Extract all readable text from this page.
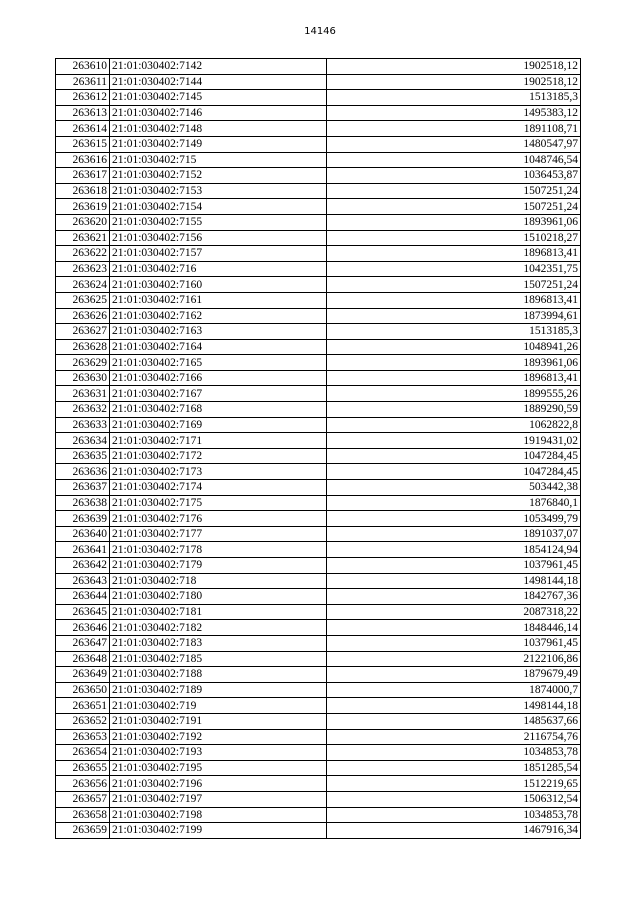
14146
263610	21:01:030402:7142	1902518,12
263611	21:01:030402:7144	1902518,12
263612	21:01:030402:7145	1513185,3
263613	21:01:030402:7146	1495383,12
263614	21:01:030402:7148	1891108,71
263615	21:01:030402:7149	1480547,97
263616	21:01:030402:715	1048746,54
263617	21:01:030402:7152	1036453,87
263618	21:01:030402:7153	1507251,24
263619	21:01:030402:7154	1507251,24
263620	21:01:030402:7155	1893961,06
263621	21:01:030402:7156	1510218,27
263622	21:01:030402:7157	1896813,41
263623	21:01:030402:716	1042351,75
263624	21:01:030402:7160	1507251,24
263625	21:01:030402:7161	1896813,41
263626	21:01:030402:7162	1873994,61
263627	21:01:030402:7163	1513185,3
263628	21:01:030402:7164	1048941,26
263629	21:01:030402:7165	1893961,06
263630	21:01:030402:7166	1896813,41
263631	21:01:030402:7167	1899555,26
263632	21:01:030402:7168	1889290,59
263633	21:01:030402:7169	1062822,8
263634	21:01:030402:7171	1919431,02
263635	21:01:030402:7172	1047284,45
263636	21:01:030402:7173	1047284,45
263637	21:01:030402:7174	503442,38
263638	21:01:030402:7175	1876840,1
263639	21:01:030402:7176	1053499,79
263640	21:01:030402:7177	1891037,07
263641	21:01:030402:7178	1854124,94
263642	21:01:030402:7179	1037961,45
263643	21:01:030402:718	1498144,18
263644	21:01:030402:7180	1842767,36
263645	21:01:030402:7181	2087318,22
263646	21:01:030402:7182	1848446,14
263647	21:01:030402:7183	1037961,45
263648	21:01:030402:7185	2122106,86
263649	21:01:030402:7188	1879679,49
263650	21:01:030402:7189	1874000,7
263651	21:01:030402:719	1498144,18
263652	21:01:030402:7191	1485637,66
263653	21:01:030402:7192	2116754,76
263654	21:01:030402:7193	1034853,78
263655	21:01:030402:7195	1851285,54
263656	21:01:030402:7196	1512219,65
263657	21:01:030402:7197	1506312,54
263658	21:01:030402:7198	1034853,78
263659	21:01:030402:7199	1467916,34
